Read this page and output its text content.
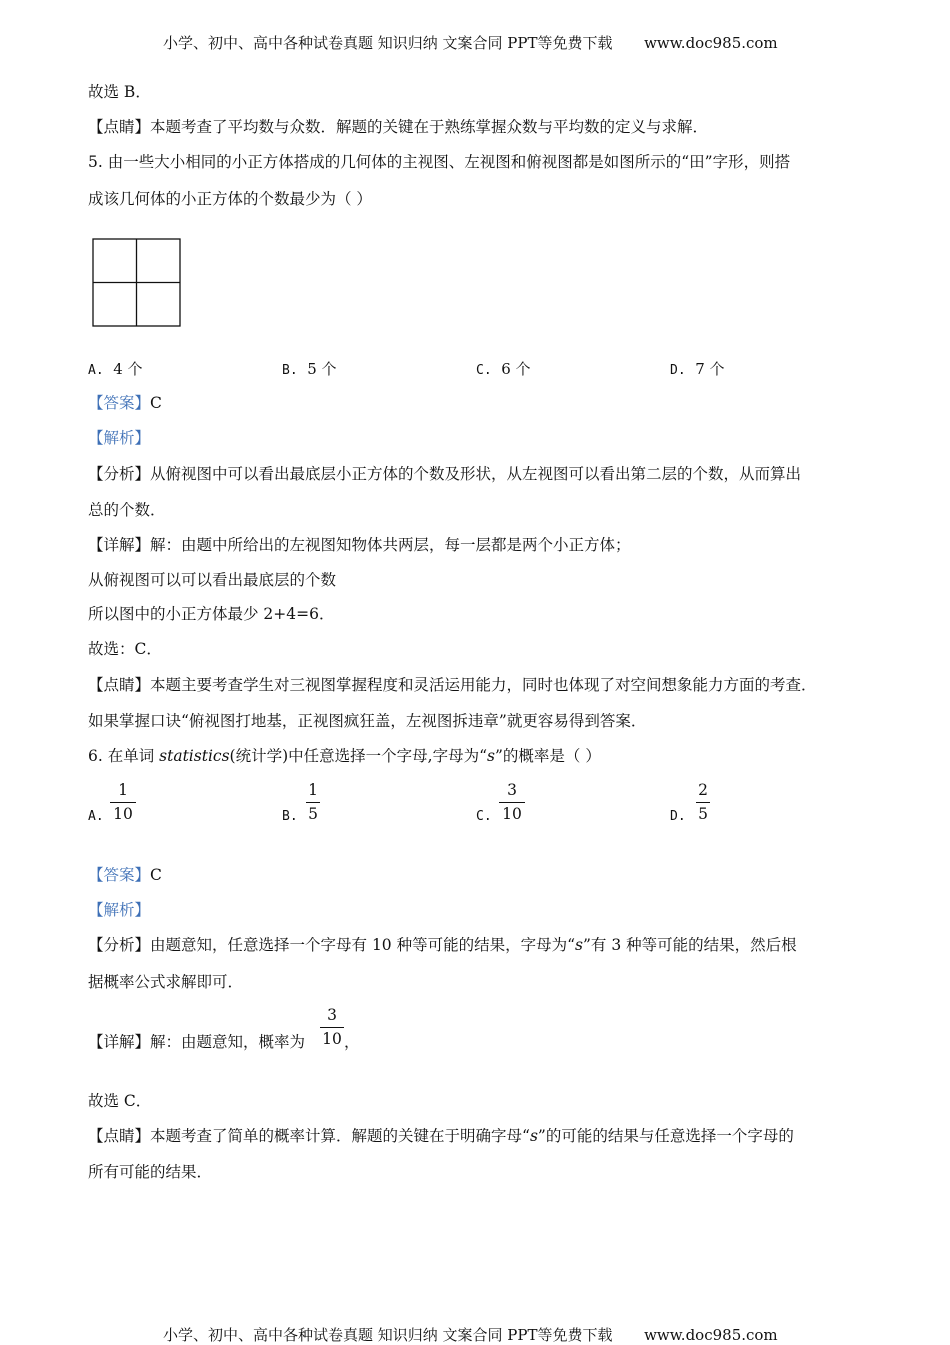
小学、初中、高中各种试卷真题 知识归纳 文案合同 PPT等免费下载 www.doc985.com
故选 B．
【点睛】本题考查了平均数与众数．解题的关键在于熟练掌握众数与平均数的定义与求解．
5. 由一些大小相同的小正方体搭成的几何体的主视图、左视图和俯视图都是如图所示的“田”字形，则搭
成该几何体的小正方体的个数最少为（ ）
A. 4 个	B. 5 个	C. 6 个	D. 7 个
【答案】C
【解析】
【分析】从俯视图中可以看出最底层小正方体的个数及形状，从左视图可以看出第二层的个数，从而算出
总的个数．
【详解】解：由题中所给出的左视图知物体共两层，每一层都是两个小正方体；
从俯视图可以可以看出最底层的个数
所以图中的小正方体最少 2+4=6．
故选：C．
【点睛】本题主要考查学生对三视图掌握程度和灵活运用能力，同时也体现了对空间想象能力方面的考查．
如果掌握口诀“俯视图打地基，正视图疯狂盖，左视图拆违章”就更容易得到答案．
6. 在单词 statistics(统计学)中任意选择一个字母,字母为“s”的概率是（ ）
A.
1
10	B.
1
5	C.
3
10	D.
2
5
【答案】C
【解析】
【分析】由题意知，任意选择一个字母有 10 种等可能的结果，字母为“s”有 3 种等可能的结果，然后根
据概率公式求解即可．
【详解】解：由题意知，概率为
3
10 ，
故选 C．
【点睛】本题考查了简单的概率计算．解题的关键在于明确字母“s”的可能的结果与任意选择一个字母的
所有可能的结果．
小学、初中、高中各种试卷真题 知识归纳 文案合同 PPT等免费下载 www.doc985.com
